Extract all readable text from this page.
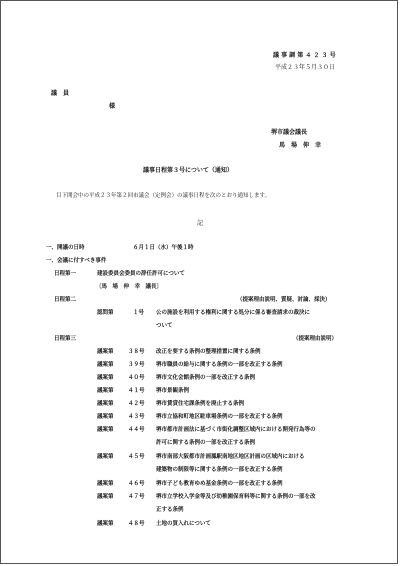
議 事 調 第 ４ ２ ３ 号
平成２３年５月３０日
議　員
様
堺市議会議長
馬　場　伸　幸
議事日程第３号について（通知）
目下開会中の平成２３年第２回市議会（定例会）の議事日程を次のとおり通知します。
記
一、開議の日時	６月１日（水）午後１時
一、会議に付すべき事件
日程第一	建設委員会委員の辞任許可について
〔馬　場　伸　幸　議長〕
日程第二	（提案理由説明、質疑、討論、採決）
認問第	１号 公の施設を利用する権利に関する処分に係る審査請求の裁決に
ついて
日程第三	（提案理由説明）
議案第	３８号 改正を要する条例の整理措置に関する条例
議案第	３９号 堺市職員の給与に関する条例の一部を改正する条例
議案第	４０号 堺市文化会館条例の一部を改正する条例
議案第	４１号 堺市景観条例
議案第	４２号 堺市賃貸住宅課条例を廃止する条例
議案第	４３号 堺市立協和町地区駐車場条例の一部を改正する条例
議案第	４４号 堺市都市計画法に基づく市街化調整区域内における開発行為等の
許可に関する条例の一部を改正する条例
議案第	４５号 堺市南部大阪都市計画鳳駅南地区地区計画の区域内における
建築物の制限等に関する条例の一部を改正する条例
議案第	４６号 堺市子ども教育ゆめ基金条例の一部を改正する条例
議案第	４７号 堺市立学校入学金等及び幼稚園保育料等に関する条例の一部を改
正する条例
議案第	４８号 土地の買入れについて
